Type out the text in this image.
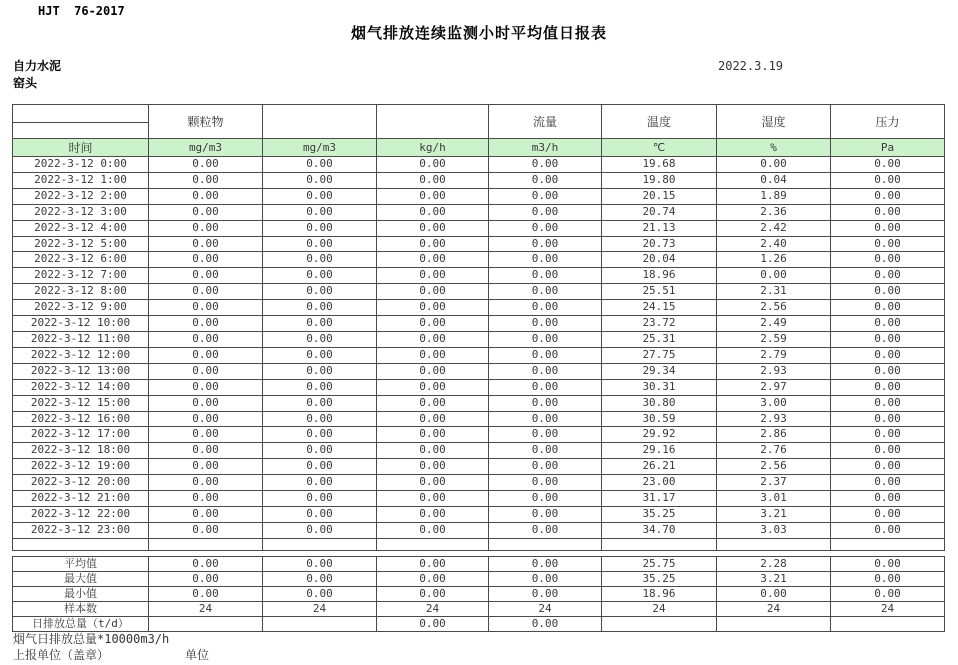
HJT  76-2017
烟气排放连续监测小时平均值日报表
自力水泥
窑头
2022.3.19
	颗粒物			流量	温度	湿度	压力

时间	mg/m3	mg/m3	kg/h	m3/h	℃	%	Pa
2022-3-12 0:00	0.00	0.00	0.00	0.00	19.68	0.00	0.00
2022-3-12 1:00	0.00	0.00	0.00	0.00	19.80	0.04	0.00
2022-3-12 2:00	0.00	0.00	0.00	0.00	20.15	1.89	0.00
2022-3-12 3:00	0.00	0.00	0.00	0.00	20.74	2.36	0.00
2022-3-12 4:00	0.00	0.00	0.00	0.00	21.13	2.42	0.00
2022-3-12 5:00	0.00	0.00	0.00	0.00	20.73	2.40	0.00
2022-3-12 6:00	0.00	0.00	0.00	0.00	20.04	1.26	0.00
2022-3-12 7:00	0.00	0.00	0.00	0.00	18.96	0.00	0.00
2022-3-12 8:00	0.00	0.00	0.00	0.00	25.51	2.31	0.00
2022-3-12 9:00	0.00	0.00	0.00	0.00	24.15	2.56	0.00
2022-3-12 10:00	0.00	0.00	0.00	0.00	23.72	2.49	0.00
2022-3-12 11:00	0.00	0.00	0.00	0.00	25.31	2.59	0.00
2022-3-12 12:00	0.00	0.00	0.00	0.00	27.75	2.79	0.00
2022-3-12 13:00	0.00	0.00	0.00	0.00	29.34	2.93	0.00
2022-3-12 14:00	0.00	0.00	0.00	0.00	30.31	2.97	0.00
2022-3-12 15:00	0.00	0.00	0.00	0.00	30.80	3.00	0.00
2022-3-12 16:00	0.00	0.00	0.00	0.00	30.59	2.93	0.00
2022-3-12 17:00	0.00	0.00	0.00	0.00	29.92	2.86	0.00
2022-3-12 18:00	0.00	0.00	0.00	0.00	29.16	2.76	0.00
2022-3-12 19:00	0.00	0.00	0.00	0.00	26.21	2.56	0.00
2022-3-12 20:00	0.00	0.00	0.00	0.00	23.00	2.37	0.00
2022-3-12 21:00	0.00	0.00	0.00	0.00	31.17	3.01	0.00
2022-3-12 22:00	0.00	0.00	0.00	0.00	35.25	3.21	0.00
2022-3-12 23:00	0.00	0.00	0.00	0.00	34.70	3.03	0.00

平均值	0.00	0.00	0.00	0.00	25.75	2.28	0.00
最大值	0.00	0.00	0.00	0.00	35.25	3.21	0.00
最小值	0.00	0.00	0.00	0.00	18.96	0.00	0.00
样本数	24	24	24	24	24	24	24
日排放总量（t/d）			0.00	0.00			
烟气日排放总量*10000m3/h
上报单位（盖章）	单位
